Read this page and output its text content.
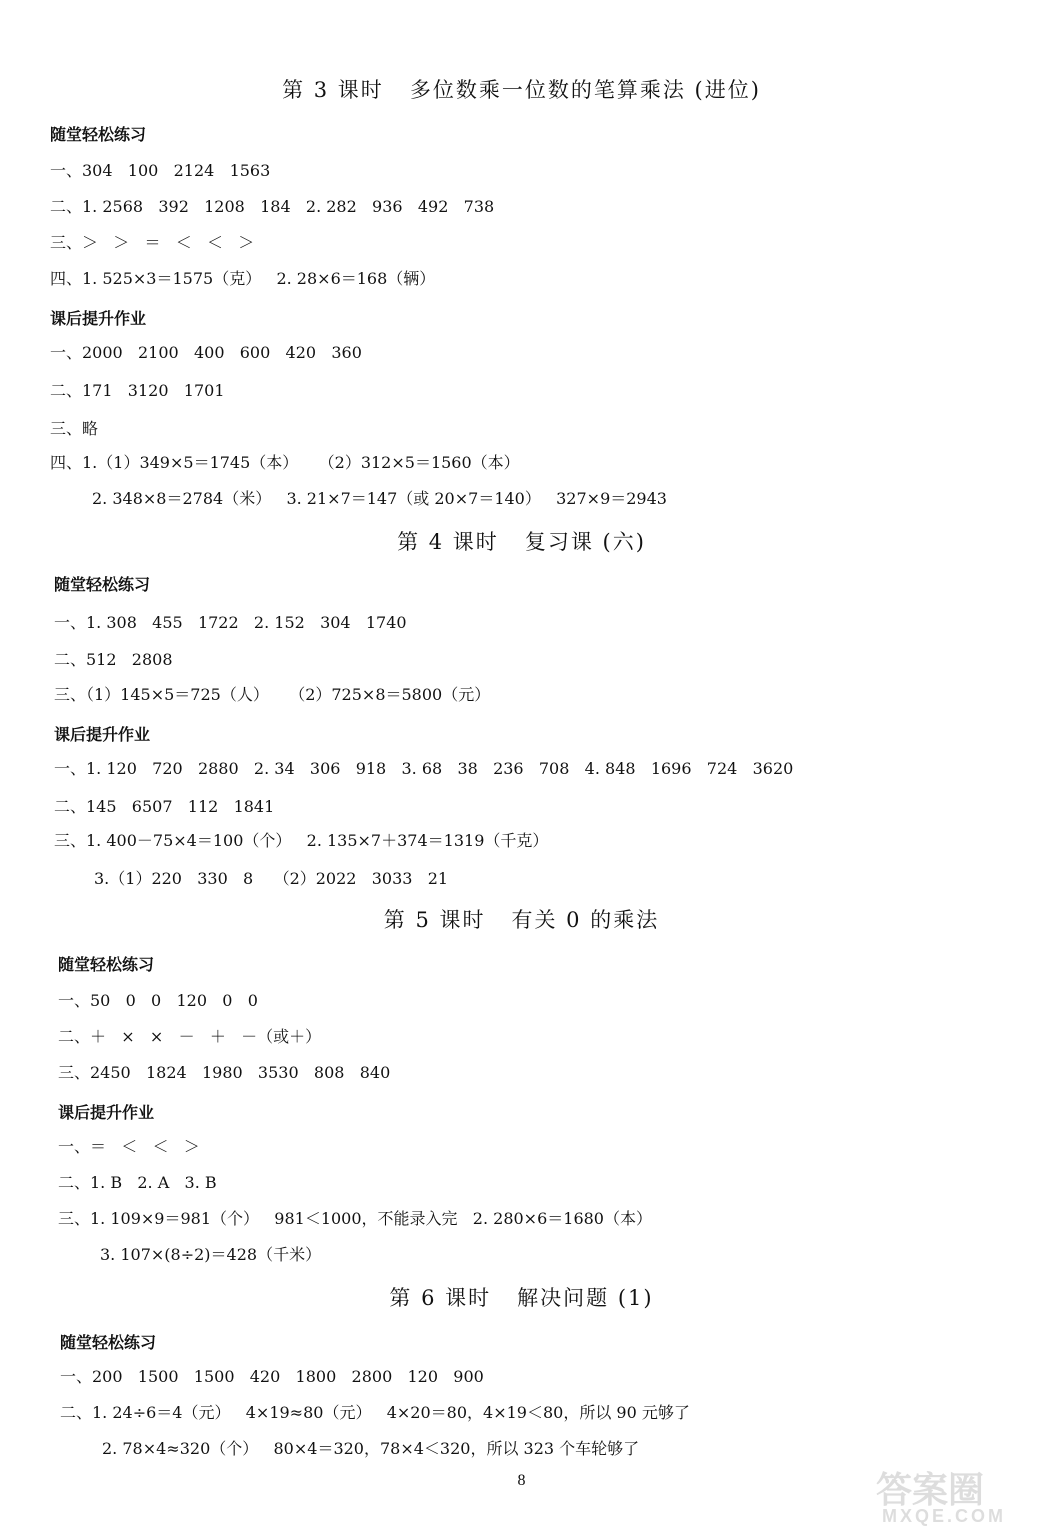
第 3 课时   多位数乘一位数的笔算乘法 (进位)
随堂轻松练习
一、304   100   2124   1563
二、1. 2568   392   1208   184   2. 282   936   492   738
三、＞   ＞   ＝   ＜   ＜   ＞
四、1. 525×3＝1575（克）   2. 28×6＝168（辆）
课后提升作业
一、2000   2100   400   600   420   360
二、171   3120   1701
三、略
四、1.（1）349×5＝1745（本）    （2）312×5＝1560（本）
2. 348×8＝2784（米）   3. 21×7＝147（或 20×7＝140）   327×9＝2943
第 4 课时   复习课 (六)
随堂轻松练习
一、1. 308   455   1722   2. 152   304   1740
二、512   2808
三、（1）145×5＝725（人）    （2）725×8＝5800（元）
课后提升作业
一、1. 120   720   2880   2. 34   306   918   3. 68   38   236   708   4. 848   1696   724   3620
二、145   6507   112   1841
三、1. 400－75×4＝100（个）   2. 135×7＋374＝1319（千克）
3.（1）220   330   8    （2）2022   3033   21
第 5 课时   有关 0 的乘法
随堂轻松练习
一、50   0   0   120   0   0
二、＋   ×   ×   －   ＋   －（或＋）
三、2450   1824   1980   3530   808   840
课后提升作业
一、＝   ＜   ＜   ＞
二、1. B   2. A   3. B
三、1. 109×9＝981（个）   981＜1000，不能录入完   2. 280×6＝1680（本）
3. 107×(8÷2)＝428（千米）
第 6 课时   解决问题 (1)
随堂轻松练习
一、200   1500   1500   420   1800   2800   120   900
二、1. 24÷6＝4（元）   4×19≈80（元）   4×20＝80，4×19＜80，所以 90 元够了
2. 78×4≈320（个）   80×4＝320，78×4＜320，所以 323 个车轮够了
8	答案圈
MXQE.COM
